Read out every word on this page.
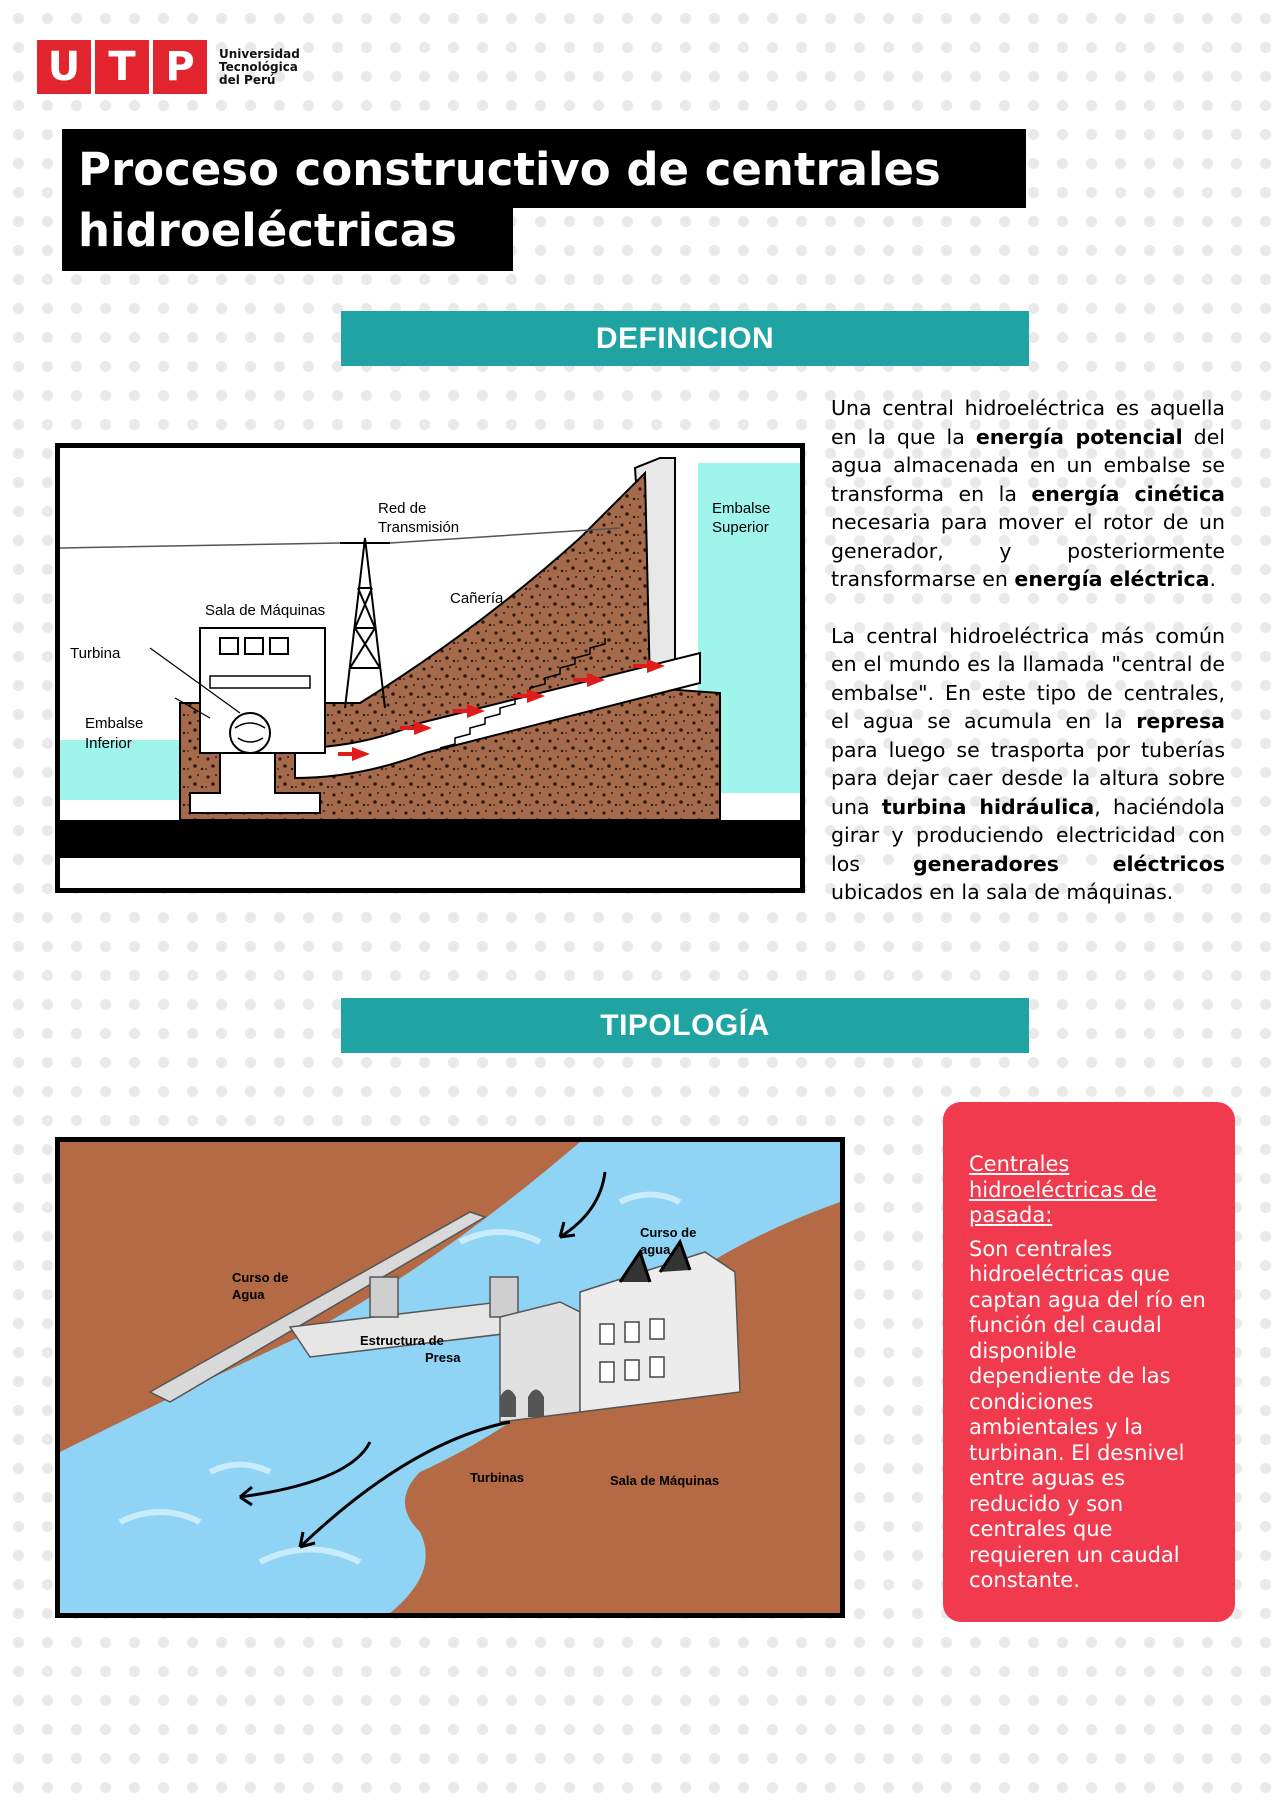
U T P	Universidad
Tecnológica
del Perú
Proceso constructivo de centrales
hidroeléctricas
DEFINICION

Una central hidroeléctrica es aquella en la que la energía potencial del agua almacenada en un embalse se transforma en la energía cinética necesaria para mover el rotor de un generador, y posteriormente transformarse en energía eléctrica.

La central hidroeléctrica más común en el mundo es la llamada "central de embalse". En este tipo de centrales, el agua se acumula en la represa para luego se trasporta por tuberías para dejar caer desde la altura sobre una turbina hidráulica, haciéndola girar y produciendo electricidad con los generadores eléctricos ubicados en la sala de máquinas.

Red de
Transmisión
Embalse
Superior
Cañería
Sala de Máquinas
Turbina
Embalse
Inferior
TIPOLOGÍA
Curso de
Agua
Curso de
agua
Estructura de
Presa
Turbinas	Sala de Máquinas
Centrales hidroeléctricas de pasada:
Son centrales hidroeléctricas que captan agua del río en función del caudal disponible dependiente de las condiciones ambientales y la turbinan. El desnivel entre aguas es reducido y son centrales que requieren un caudal constante.
